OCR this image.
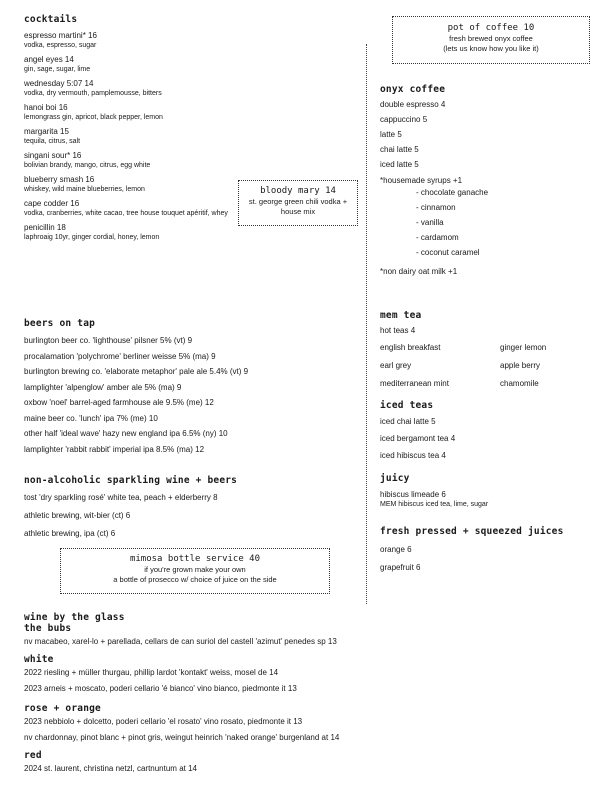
cocktails
espresso martini* 16
vodka, espresso, sugar
angel eyes 14
gin, sage, sugar, lime
wednesday 5:07 14
vodka, dry vermouth, pamplemousse, bitters
hanoi boi 16
lemongrass gin, apricot, black pepper, lemon
margarita 15
tequila, citrus, salt
singani sour* 16
bolivian brandy, mango, citrus, egg white
blueberry smash 16
whiskey, wild maine blueberries, lemon
cape codder 16
vodka, cranberries, white cacao, tree house touquet apéritif, whey
penicillin 18
laphroaig 10yr, ginger cordial, honey, lemon
bloody mary 14
st. george green chili vodka +
house mix
beers on tap
burlington beer co. 'lighthouse' pilsner 5% (vt) 9
procalamation 'polychrome' berliner weisse 5% (ma) 9
burlington brewing co. 'elaborate metaphor' pale ale 5.4% (vt) 9
lamplighter 'alpenglow' amber ale 5% (ma) 9
oxbow 'noel' barrel-aged farmhouse ale 9.5% (me) 12
maine beer co. 'lunch' ipa 7% (me) 10
other half 'ideal wave' hazy new england ipa 6.5% (ny) 10
lamplighter 'rabbit rabbit' imperial ipa 8.5% (ma) 12
non-alcoholic sparkling wine + beers
tost 'dry sparkling rosé' white tea, peach + elderberry 8
athletic brewing, wit-bier (ct) 6
athletic brewing, ipa (ct) 6
mimosa bottle service 40
if you're grown make your own
a bottle of prosecco w/ choice of juice on the side
wine by the glass
the bubs
nv macabeo, xarel-lo + parellada, cellars de can suriol del castell 'azimut' penedes sp 13
white
2022 riesling + müller thurgau, phillip lardot 'kontakt' weiss, mosel de 14
2023 arneis + moscato, poderi cellario 'é bianco' vino bianco, piedmonte it 13
rose + orange
2023 nebbiolo + dolcetto, poderi cellario 'el rosato' vino rosato, piedmonte it 13
nv chardonnay, pinot blanc + pinot gris, weingut heinrich 'naked orange' burgenland at 14
red
2024 st. laurent, christina netzl, cartnuntum at 14
pot of coffee 10
fresh brewed onyx coffee
(lets us know how you like it)
onyx coffee
double espresso 4
cappuccino 5
latte 5
chai latte 5
iced latte 5
*housemade syrups +1
- chocolate ganache
- cinnamon
- vanilla
- cardamom
- coconut caramel
*non dairy oat milk +1
mem tea
hot teas 4
english breakfast	ginger lemon
earl grey	apple berry
mediterranean mint	chamomile
iced teas
iced chai latte 5
iced bergamont tea 4
iced hibiscus tea 4
juicy
hibiscus limeade 6
MEM hibiscus iced tea, lime, sugar
fresh pressed + squeezed juices
orange 6
grapefruit 6
